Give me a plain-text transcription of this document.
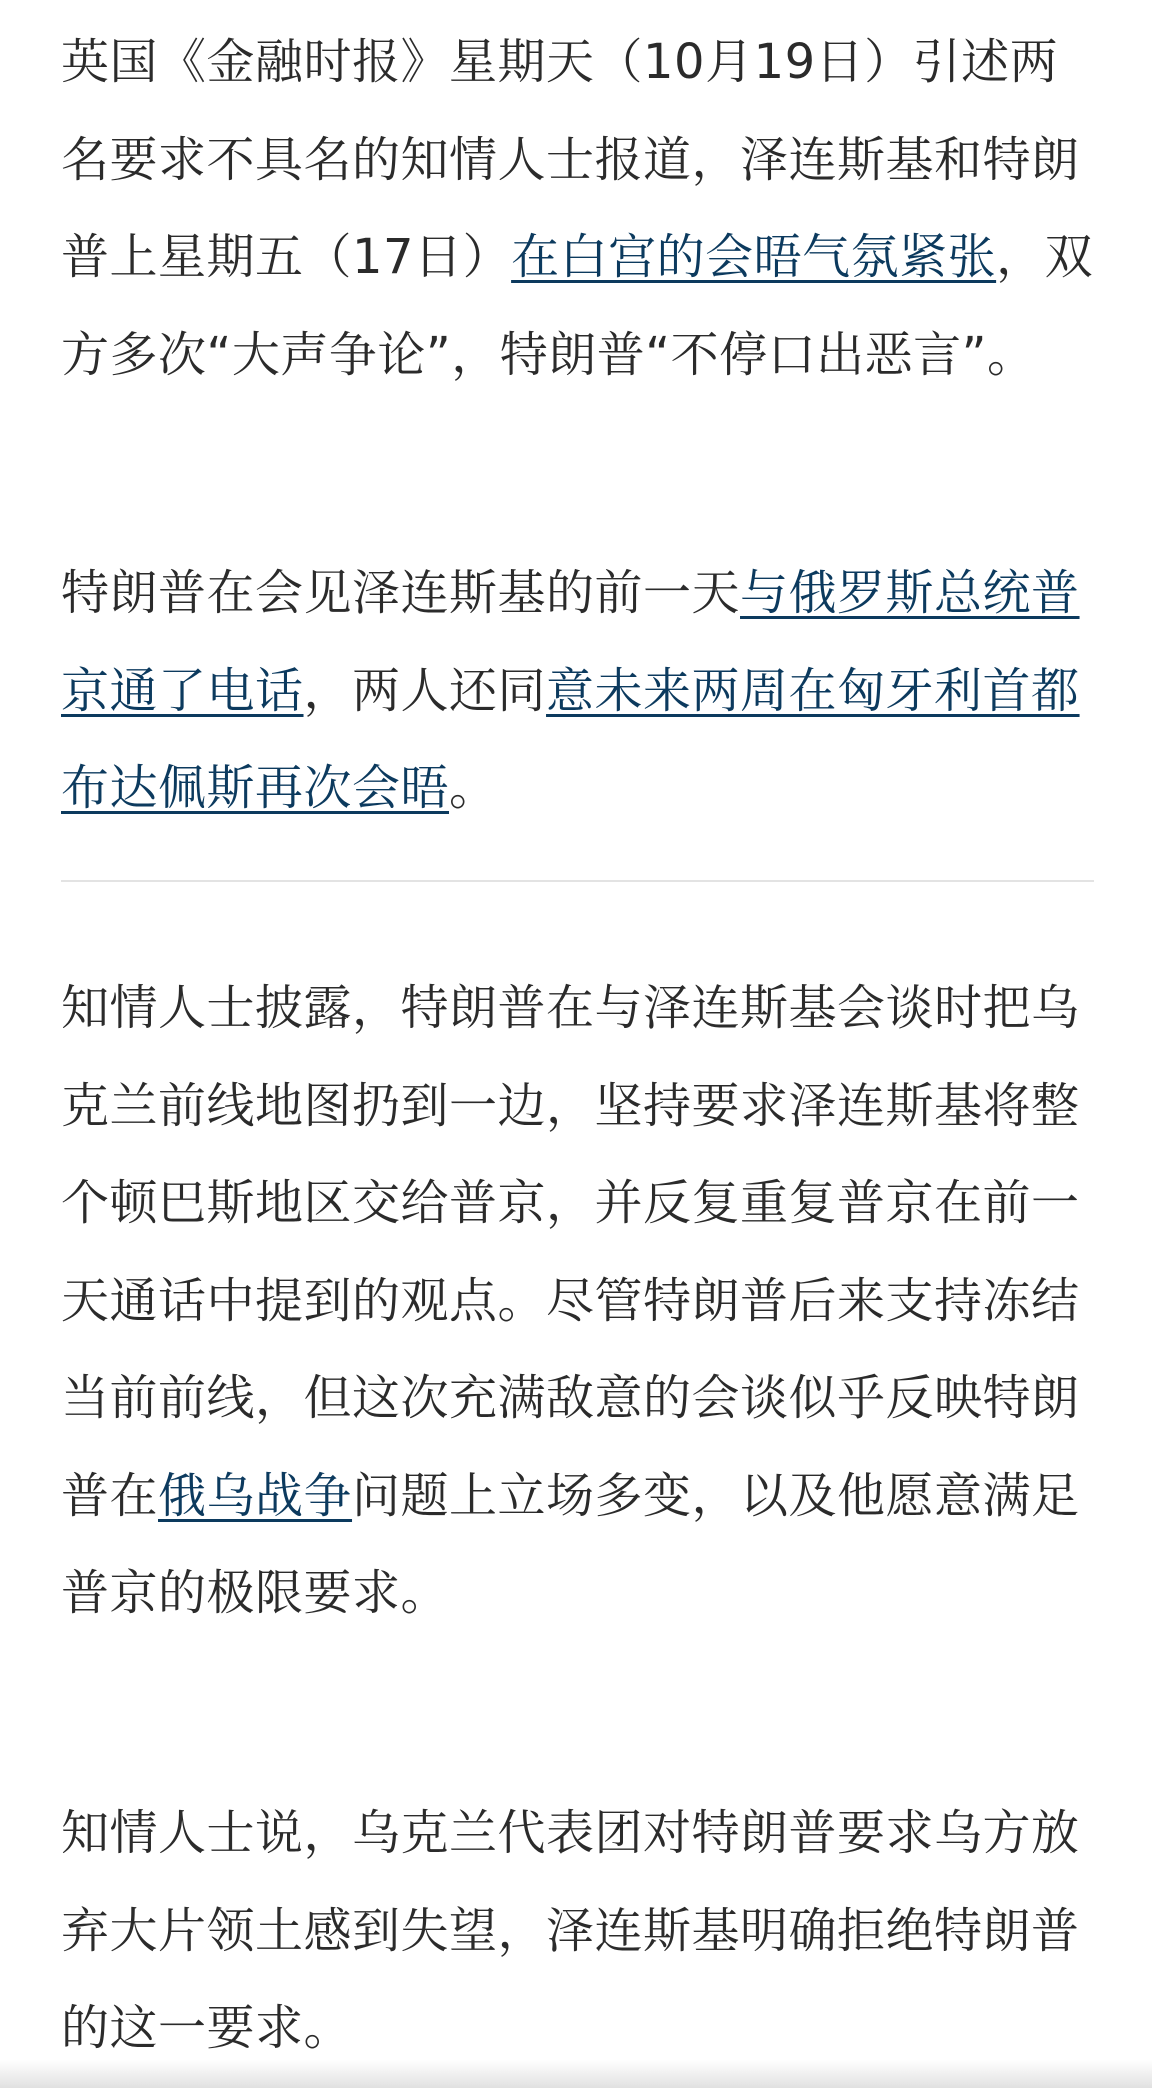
英国《金融时报》星期天（10月19日）引述两名要求不具名的知情人士报道，泽连斯基和特朗普上星期五（17日）在白宫的会晤气氛紧张，双方多次“大声争论”，特朗普“不停口出恶言”。

特朗普在会见泽连斯基的前一天与俄罗斯总统普京通了电话，两人还同意未来两周在匈牙利首都布达佩斯再次会晤。

知情人士披露，特朗普在与泽连斯基会谈时把乌克兰前线地图扔到一边，坚持要求泽连斯基将整个顿巴斯地区交给普京，并反复重复普京在前一天通话中提到的观点。尽管特朗普后来支持冻结当前前线，但这次充满敌意的会谈似乎反映特朗普在俄乌战争问题上立场多变，以及他愿意满足普京的极限要求。

知情人士说，乌克兰代表团对特朗普要求乌方放弃大片领土感到失望，泽连斯基明确拒绝特朗普的这一要求。
